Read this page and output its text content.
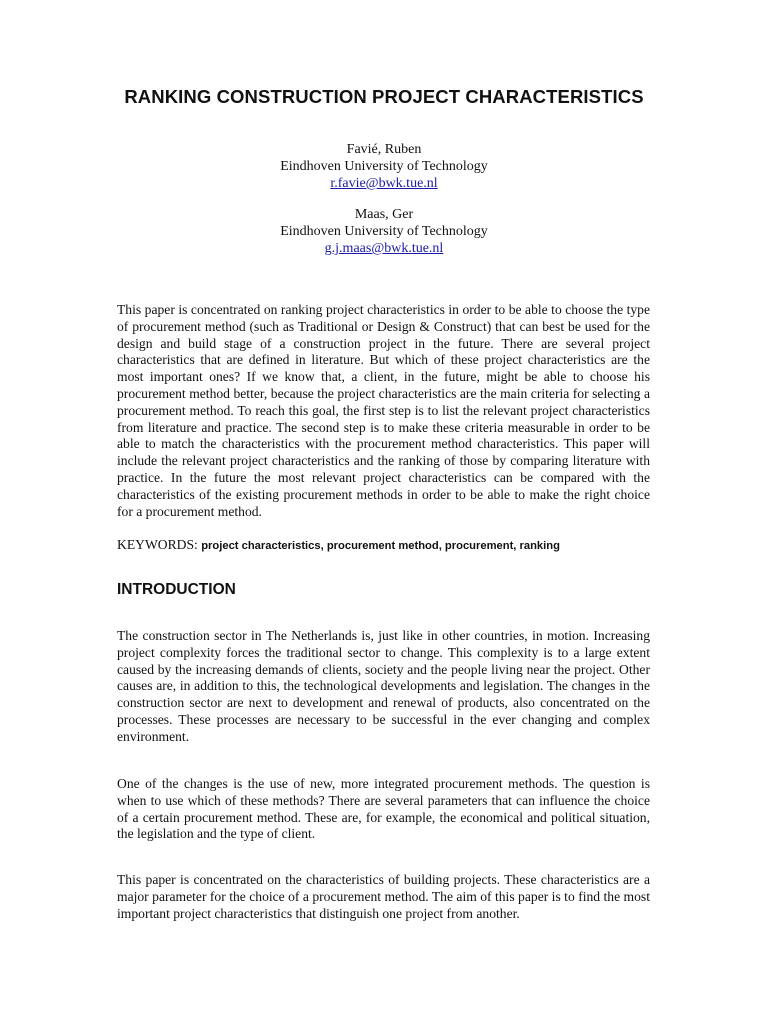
RANKING CONSTRUCTION PROJECT CHARACTERISTICS
Favié, Ruben
Eindhoven University of Technology
r.favie@bwk.tue.nl
Maas, Ger
Eindhoven University of Technology
g.j.maas@bwk.tue.nl

This paper is concentrated on ranking project characteristics in order to be able to choose the type of procurement method (such as Traditional or Design & Construct) that can best be used for the design and build stage of a construction project in the future. There are several project characteristics that are defined in literature. But which of these project characteristics are the most important ones? If we know that, a client, in the future, might be able to choose his procurement method better, because the project characteristics are the main criteria for selecting a procurement method. To reach this goal, the first step is to list the relevant project characteristics from literature and practice. The second step is to make these criteria measurable in order to be able to match the characteristics with the procurement method characteristics. This paper will include the relevant project characteristics and the ranking of those by comparing literature with practice. In the future the most relevant project characteristics can be compared with the characteristics of the existing procurement methods in order to be able to make the right choice for a procurement method.

KEYWORDS: project characteristics, procurement method, procurement, ranking

INTRODUCTION

The construction sector in The Netherlands is, just like in other countries, in motion. Increasing project complexity forces the traditional sector to change. This complexity is to a large extent caused by the increasing demands of clients, society and the people living near the project. Other causes are, in addition to this, the technological developments and legislation. The changes in the construction sector are next to development and renewal of products, also concentrated on the processes. These processes are necessary to be successful in the ever changing and complex environment.

One of the changes is the use of new, more integrated procurement methods. The question is when to use which of these methods? There are several parameters that can influence the choice of a certain procurement method. These are, for example, the economical and political situation, the legislation and the type of client.

This paper is concentrated on the characteristics of building projects. These characteristics are a major parameter for the choice of a procurement method. The aim of this paper is to find the most important project characteristics that distinguish one project from another.
